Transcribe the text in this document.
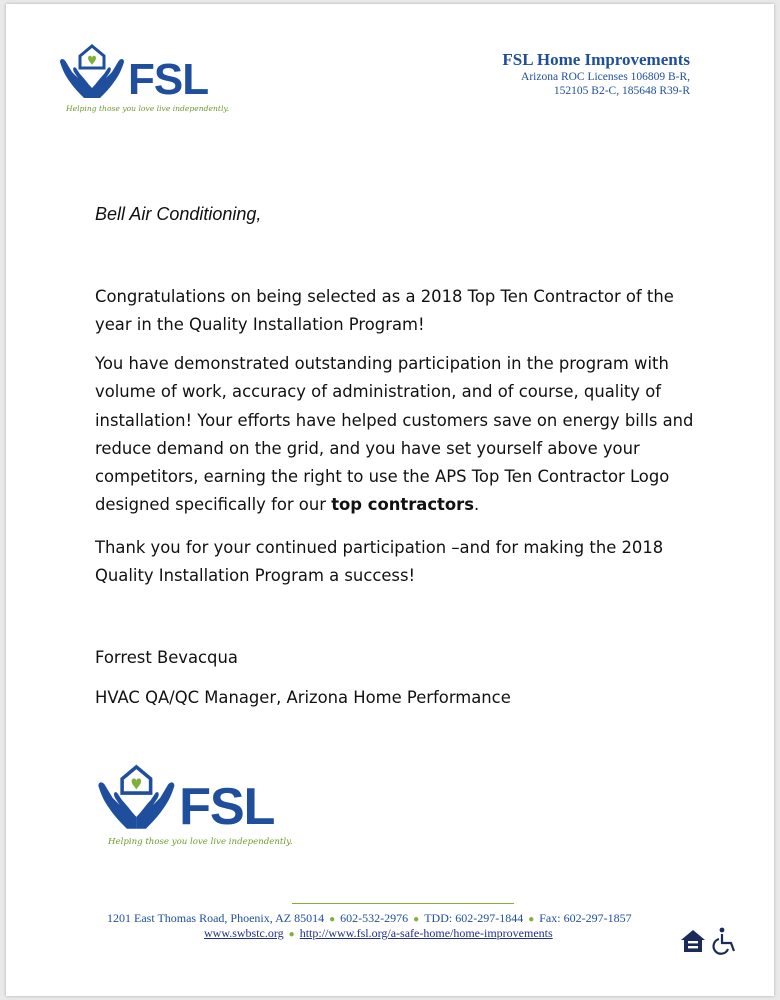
FSL
Helping those you love live independently.
FSL Home Improvements
Arizona ROC Licenses 106809 B-R,
152105 B2-C, 185648 R39-R
Bell Air Conditioning,

Congratulations on being selected as a 2018 Top Ten Contractor of the year in the Quality Installation Program!

You have demonstrated outstanding participation in the program with volume of work, accuracy of administration, and of course, quality of installation! Your efforts have helped customers save on energy bills and reduce demand on the grid, and you have set yourself above your competitors, earning the right to use the APS Top Ten Contractor Logo designed specifically for our top contractors.

Thank you for your continued participation –and for making the 2018 Quality Installation Program a success!

Forrest Bevacqua
HVAC QA/QC Manager, Arizona Home Performance
FSL
Helping those you love live independently.
1201 East Thomas Road, Phoenix, AZ 85014 ● 602-532-2976 ● TDD: 602-297-1844 ● Fax: 602-297-1857
www.swbstc.org ● http://www.fsl.org/a-safe-home/home-improvements
